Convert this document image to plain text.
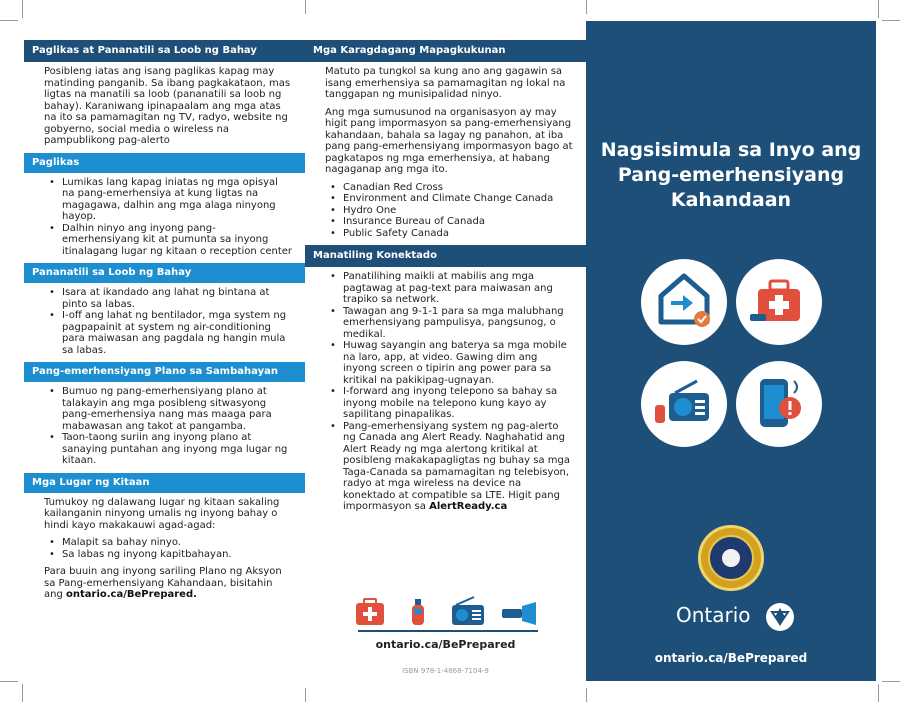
Paglikas at Pananatili sa Loob ng Bahay

Posibleng iatas ang isang paglikas kapag may matinding panganib. Sa ibang pagkakataon, mas ligtas na manatili sa loob (pananatili sa loob ng bahay). Karaniwang ipinapaalam ang mga atas na ito sa pamamagitan ng TV, radyo, website ng gobyerno, social media o wireless na pampublikong pag-alerto

Paglikas
• Lumikas lang kapag iniatas ng mga opisyal na pang-emerhensiya at kung ligtas na magagawa, dalhin ang mga alaga ninyong hayop.
• Dalhin ninyo ang inyong pang-emerhensiyang kit at pumunta sa inyong itinalagang lugar ng kitaan o reception center
Pananatili sa Loob ng Bahay
• Isara at ikandado ang lahat ng bintana at pinto sa labas.
• I-off ang lahat ng bentilador, mga system ng pagpapainit at system ng air-conditioning para maiwasan ang pagdala ng hangin mula sa labas.
Pang-emerhensiyang Plano sa Sambahayan
• Bumuo ng pang-emerhensiyang plano at talakayin ang mga posibleng sitwasyong pang-emerhensiya nang mas maaga para mabawasan ang takot at pangamba.
• Taon-taong suriin ang inyong plano at sanaying puntahan ang inyong mga lugar ng kitaan.
Mga Lugar ng Kitaan

Tumukoy ng dalawang lugar ng kitaan sakaling kailanganin ninyong umalis ng inyong bahay o hindi kayo makakauwi agad-agad:

• Malapit sa bahay ninyo.
• Sa labas ng inyong kapitbahayan.

Para buuin ang inyong sariling Plano ng Aksyon sa Pang-emerhensiyang Kahandaan, bisitahin ang ontario.ca/BePrepared.

Mga Karagdagang Mapagkukunan

Matuto pa tungkol sa kung ano ang gagawin sa isang emerhensiya sa pamamagitan ng lokal na tanggapan ng munisipalidad ninyo.

Ang mga sumusunod na organisasyon ay may higit pang impormasyon sa pang-emerhensiyang kahandaan, bahala sa lagay ng panahon, at iba pang pang-emerhensiyang impormasyon bago at pagkatapos ng mga emerhensiya, at habang nagaganap ang mga ito.

• Canadian Red Cross
• Environment and Climate Change Canada
• Hydro One
• Insurance Bureau of Canada
• Public Safety Canada
Manatiling Konektado
• Panatilihing maikli at mabilis ang mga pagtawag at pag-text para maiwasan ang trapiko sa network.
• Tawagan ang 9-1-1 para sa mga malubhang emerhensiyang pampulisya, pangsunog, o medikal.
• Huwag sayangin ang baterya sa mga mobile na laro, app, at video. Gawing dim ang inyong screen o tipirin ang power para sa kritikal na pakikipag-ugnayan.
• I-forward ang inyong telepono sa bahay sa inyong mobile na telepono kung kayo ay sapilitang pinapalikas.
• Pang-emerhensiyang system ng pag-alerto ng Canada ang Alert Ready. Naghahatid ang Alert Ready ng mga alertong kritikal at posibleng makakapagligtas ng buhay sa mga Taga-Canada sa pamamagitan ng telebisyon, radyo at mga wireless na device na konektado at compatible sa LTE. Higit pang impormasyon sa AlertReady.ca
ontario.ca/BePrepared
ISBN 978-1-4868-7104-9
Nagsisimula sa Inyo ang
Pang-emerhensiyang
Kahandaan
Ontario
ontario.ca/BePrepared
